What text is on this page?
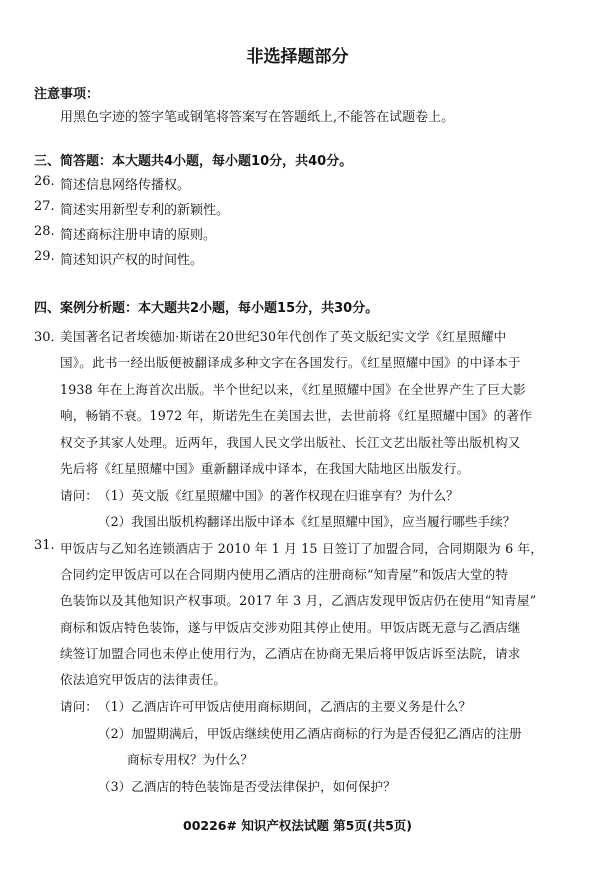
非选择题部分
注意事项：
用黑色字迹的签字笔或钢笔将答案写在答题纸上,不能答在试题卷上。
三、简答题：本大题共4小题，每小题10分，共40分。
26. 简述信息网络传播权。
27. 简述实用新型专利的新颖性。
28. 简述商标注册申请的原则。
29. 简述知识产权的时间性。
四、案例分析题：本大题共2小题，每小题15分，共30分。
30．
美国著名记者埃德加·斯诺在20世纪30年代创作了英文版纪实文学《红星照耀中
国》。此书一经出版便被翻译成多种文字在各国发行。《红星照耀中国》的中译本于
1938 年在上海首次出版。半个世纪以来，《红星照耀中国》在全世界产生了巨大影
响，畅销不衰。1972 年，斯诺先生在美国去世，去世前将《红星照耀中国》的著作
权交予其家人处理。近两年，我国人民文学出版社、长江文艺出版社等出版机构又
先后将《红星照耀中国》重新翻译成中译本，在我国大陆地区出版发行。
请问： （1）英文版《红星照耀中国》的著作权现在归谁享有？为什么？
（2）我国出版机构翻译出版中译本《红星照耀中国》，应当履行哪些手续？
31. 甲饭店与乙知名连锁酒店于 2010 年 1 月 15 日签订了加盟合同，合同期限为 6 年，
合同约定甲饭店可以在合同期内使用乙酒店的注册商标“知青屋”和饭店大堂的特
色装饰以及其他知识产权事项。2017 年 3 月，乙酒店发现甲饭店仍在使用“知青屋”
商标和饭店特色装饰，遂与甲饭店交涉劝阻其停止使用。甲饭店既无意与乙酒店继
续签订加盟合同也未停止使用行为，乙酒店在协商无果后将甲饭店诉至法院，请求
依法追究甲饭店的法律责任。
请问： （1）乙酒店许可甲饭店使用商标期间，乙酒店的主要义务是什么？
（2）加盟期满后，甲饭店继续使用乙酒店商标的行为是否侵犯乙酒店的注册
商标专用权？为什么？
（3）乙酒店的特色装饰是否受法律保护，如何保护？
00226# 知识产权法试题 第5页(共5页)
